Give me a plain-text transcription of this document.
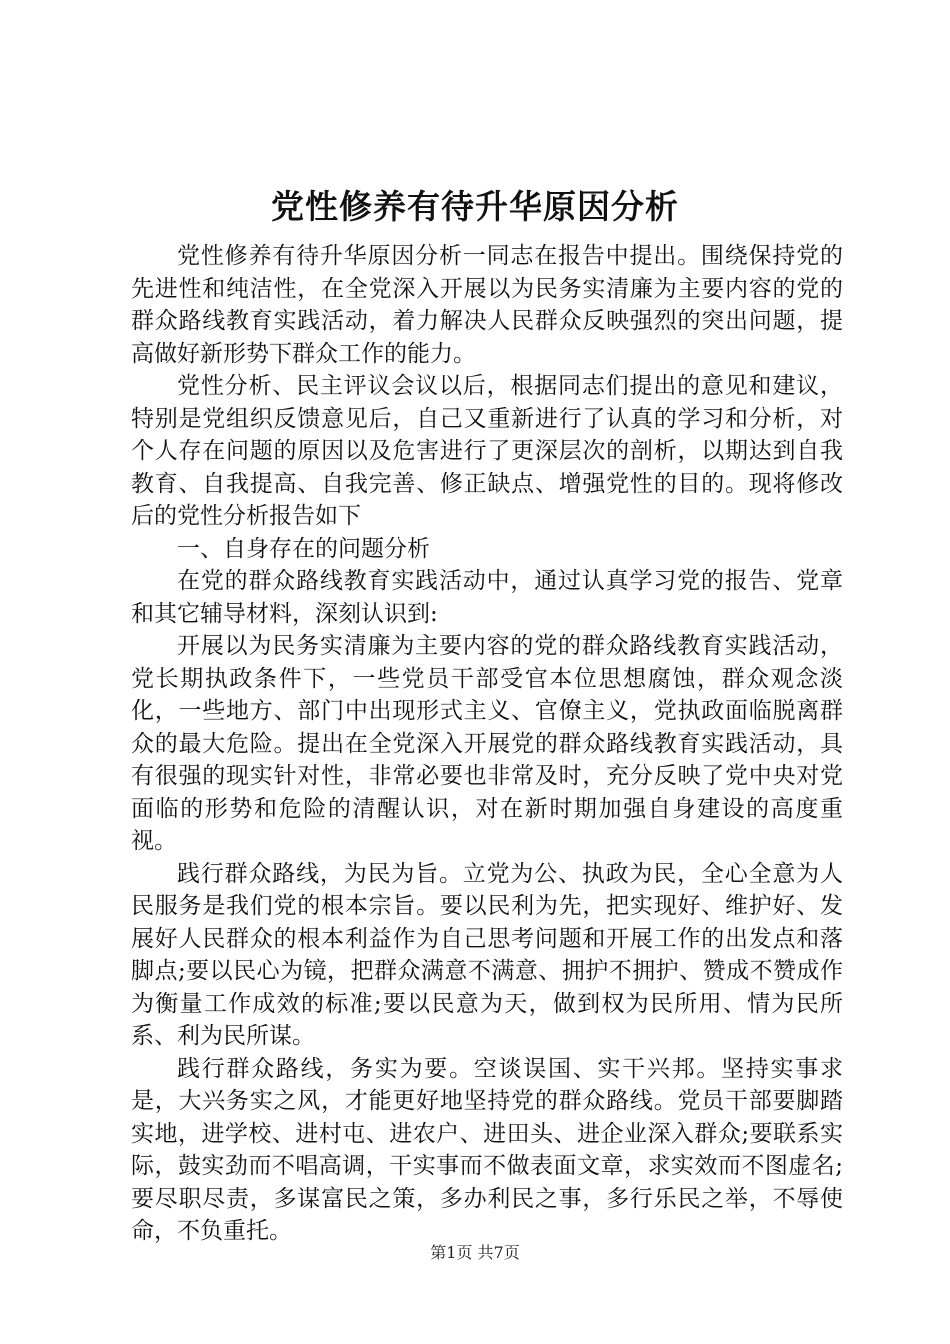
党性修养有待升华原因分析

党性修养有待升华原因分析一同志在报告中提出。围绕保持党的先进性和纯洁性，在全党深入开展以为民务实清廉为主要内容的党的群众路线教育实践活动，着力解决人民群众反映强烈的突出问题，提高做好新形势下群众工作的能力。

党性分析、民主评议会议以后，根据同志们提出的意见和建议，特别是党组织反馈意见后，自己又重新进行了认真的学习和分析，对个人存在问题的原因以及危害进行了更深层次的剖析，以期达到自我教育、自我提高、自我完善、修正缺点、增强党性的目的。现将修改后的党性分析报告如下

一、自身存在的问题分析

在党的群众路线教育实践活动中，通过认真学习党的报告、党章和其它辅导材料，深刻认识到:

开展以为民务实清廉为主要内容的党的群众路线教育实践活动，党长期执政条件下，一些党员干部受官本位思想腐蚀，群众观念淡化，一些地方、部门中出现形式主义、官僚主义，党执政面临脱离群众的最大危险。提出在全党深入开展党的群众路线教育实践活动，具有很强的现实针对性，非常必要也非常及时，充分反映了党中央对党面临的形势和危险的清醒认识，对在新时期加强自身建设的高度重视。

践行群众路线，为民为旨。立党为公、执政为民，全心全意为人民服务是我们党的根本宗旨。要以民利为先，把实现好、维护好、发展好人民群众的根本利益作为自己思考问题和开展工作的出发点和落脚点;要以民心为镜，把群众满意不满意、拥护不拥护、赞成不赞成作为衡量工作成效的标准;要以民意为天，做到权为民所用、情为民所系、利为民所谋。

践行群众路线，务实为要。空谈误国、实干兴邦。坚持实事求是，大兴务实之风，才能更好地坚持党的群众路线。党员干部要脚踏实地，进学校、进村屯、进农户、进田头、进企业深入群众;要联系实际，鼓实劲而不唱高调，干实事而不做表面文章，求实效而不图虚名;要尽职尽责，多谋富民之策，多办利民之事，多行乐民之举，不辱使命，不负重托。

第1页 共7页
